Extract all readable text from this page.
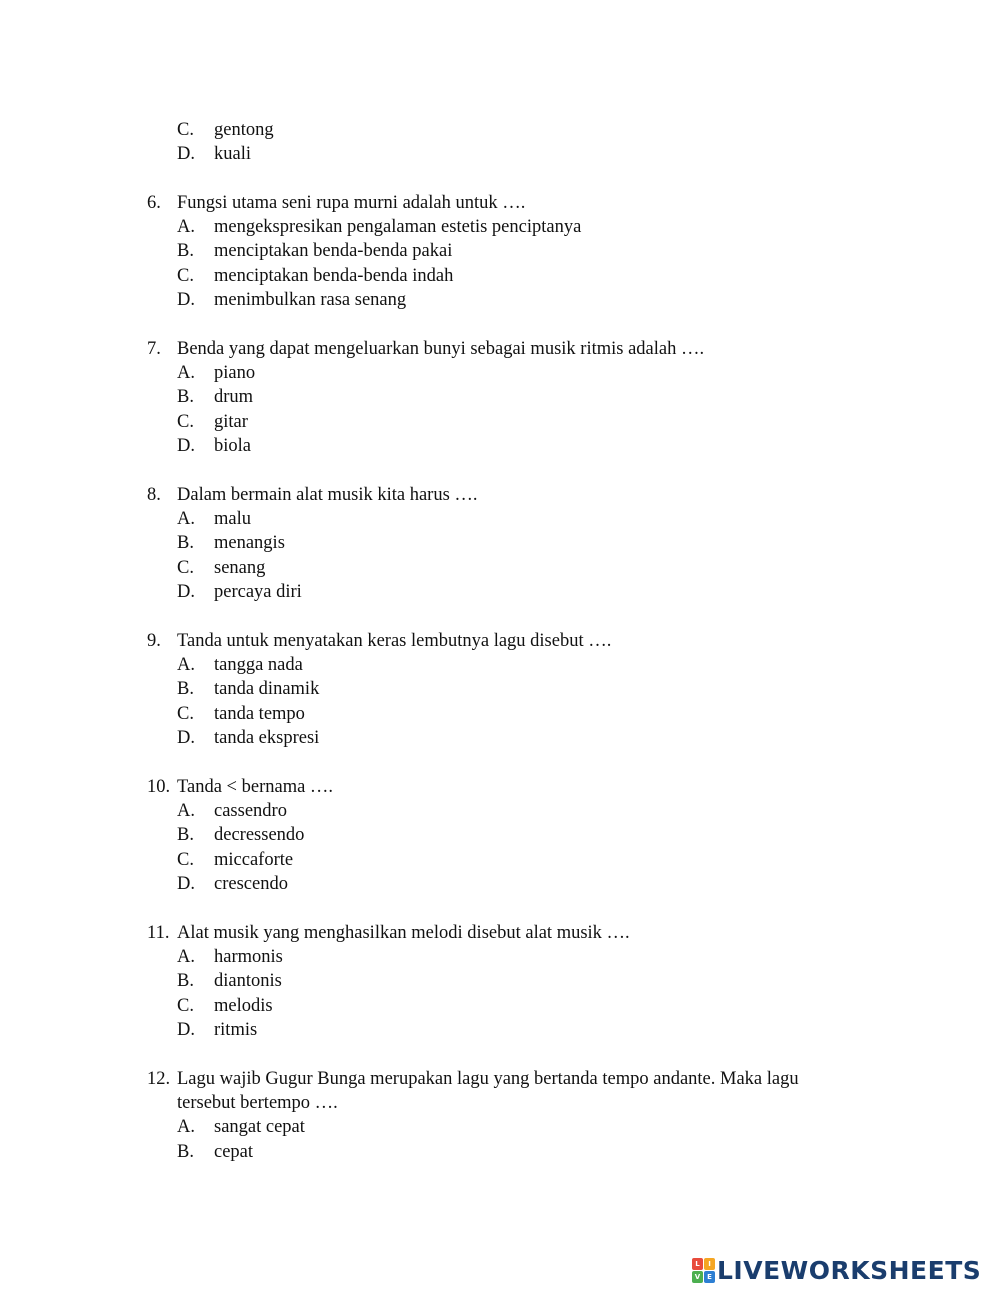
C. gentong
D. kuali
6. Fungsi utama seni rupa murni adalah untuk ….
A. mengekspresikan pengalaman estetis penciptanya
B. menciptakan benda-benda pakai
C. menciptakan benda-benda indah
D. menimbulkan rasa senang
7. Benda yang dapat mengeluarkan bunyi sebagai musik ritmis adalah ….
A. piano
B. drum
C. gitar
D. biola
8. Dalam bermain alat musik kita harus ….
A. malu
B. menangis
C. senang
D. percaya diri
9. Tanda untuk menyatakan keras lembutnya lagu disebut ….
A. tangga nada
B. tanda dinamik
C. tanda tempo
D. tanda ekspresi
10. Tanda < bernama ….
A. cassendro
B. decressendo
C. miccaforte
D. crescendo
11. Alat musik yang menghasilkan melodi disebut alat musik ….
A. harmonis
B. diantonis
C. melodis
D. ritmis
12. Lagu wajib Gugur Bunga merupakan lagu yang bertanda tempo andante. Maka lagu
tersebut bertempo ….
A. sangat cepat
B. cepat
L	I
V E LIVEWORKSHEETS
